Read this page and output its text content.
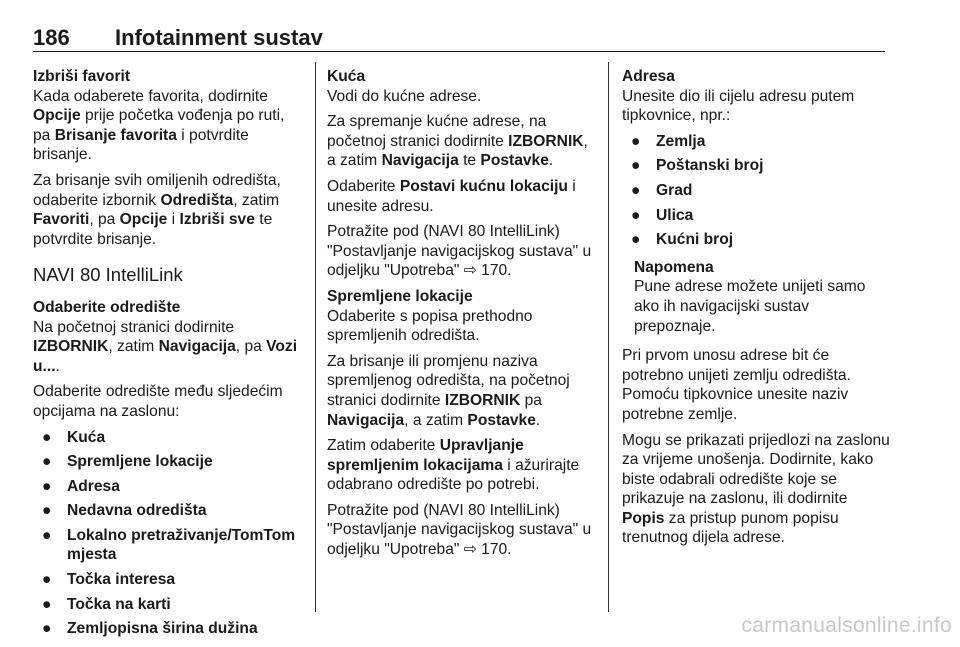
186 Infotainment sustav

Izbriši favorit

Kada odaberete favorita, dodirnite Opcije prije početka vođenja po ruti, pa Brisanje favorita i potvrdite brisanje.

Za brisanje svih omiljenih odredišta, odaberite izbornik Odredišta, zatim Favoriti, pa Opcije i Izbriši sve te potvrdite brisanje.

NAVI 80 IntelliLink

Odaberite odredište

Na početnoj stranici dodirnite IZBORNIK, zatim Navigacija, pa Vozi u....

Odaberite odredište među sljedećim opcijama na zaslonu:

● Kuća
● Spremljene lokacije
● Adresa
● Nedavna odredišta
● Lokalno pretraživanje/TomTom mjesta
● Točka interesa
● Točka na karti
● Zemljopisna širina dužina

Kuća

Vodi do kućne adrese.

Za spremanje kućne adrese, na početnoj stranici dodirnite IZBORNIK, a zatim Navigacija te Postavke.

Odaberite Postavi kućnu lokaciju i unesite adresu.

Potražite pod (NAVI 80 IntelliLink) "Postavljanje navigacijskog sustava" u odjeljku "Upotreba" ⇨ 170.

Spremljene lokacije

Odaberite s popisa prethodno spremljenih odredišta.

Za brisanje ili promjenu naziva spremljenog odredišta, na početnoj stranici dodirnite IZBORNIK pa Navigacija, a zatim Postavke.

Zatim odaberite Upravljanje spremljenim lokacijama i ažurirajte odabrano odredište po potrebi.

Potražite pod (NAVI 80 IntelliLink) "Postavljanje navigacijskog sustava" u odjeljku "Upotreba" ⇨ 170.

Adresa

Unesite dio ili cijelu adresu putem tipkovnice, npr.:

● Zemlja
● Poštanski broj
● Grad
● Ulica
● Kućni broj
Napomena
Pune adrese možete unijeti samo ako ih navigacijski sustav prepoznaje.

Pri prvom unosu adrese bit će potrebno unijeti zemlju odredišta. Pomoću tipkovnice unesite naziv potrebne zemlje.

Mogu se prikazati prijedlozi na zaslonu za vrijeme unošenja. Dodirnite, kako biste odabrali odredište koje se prikazuje na zaslonu, ili dodirnite Popis za pristup punom popisu trenutnog dijela adrese.

carmanualsonline.info
